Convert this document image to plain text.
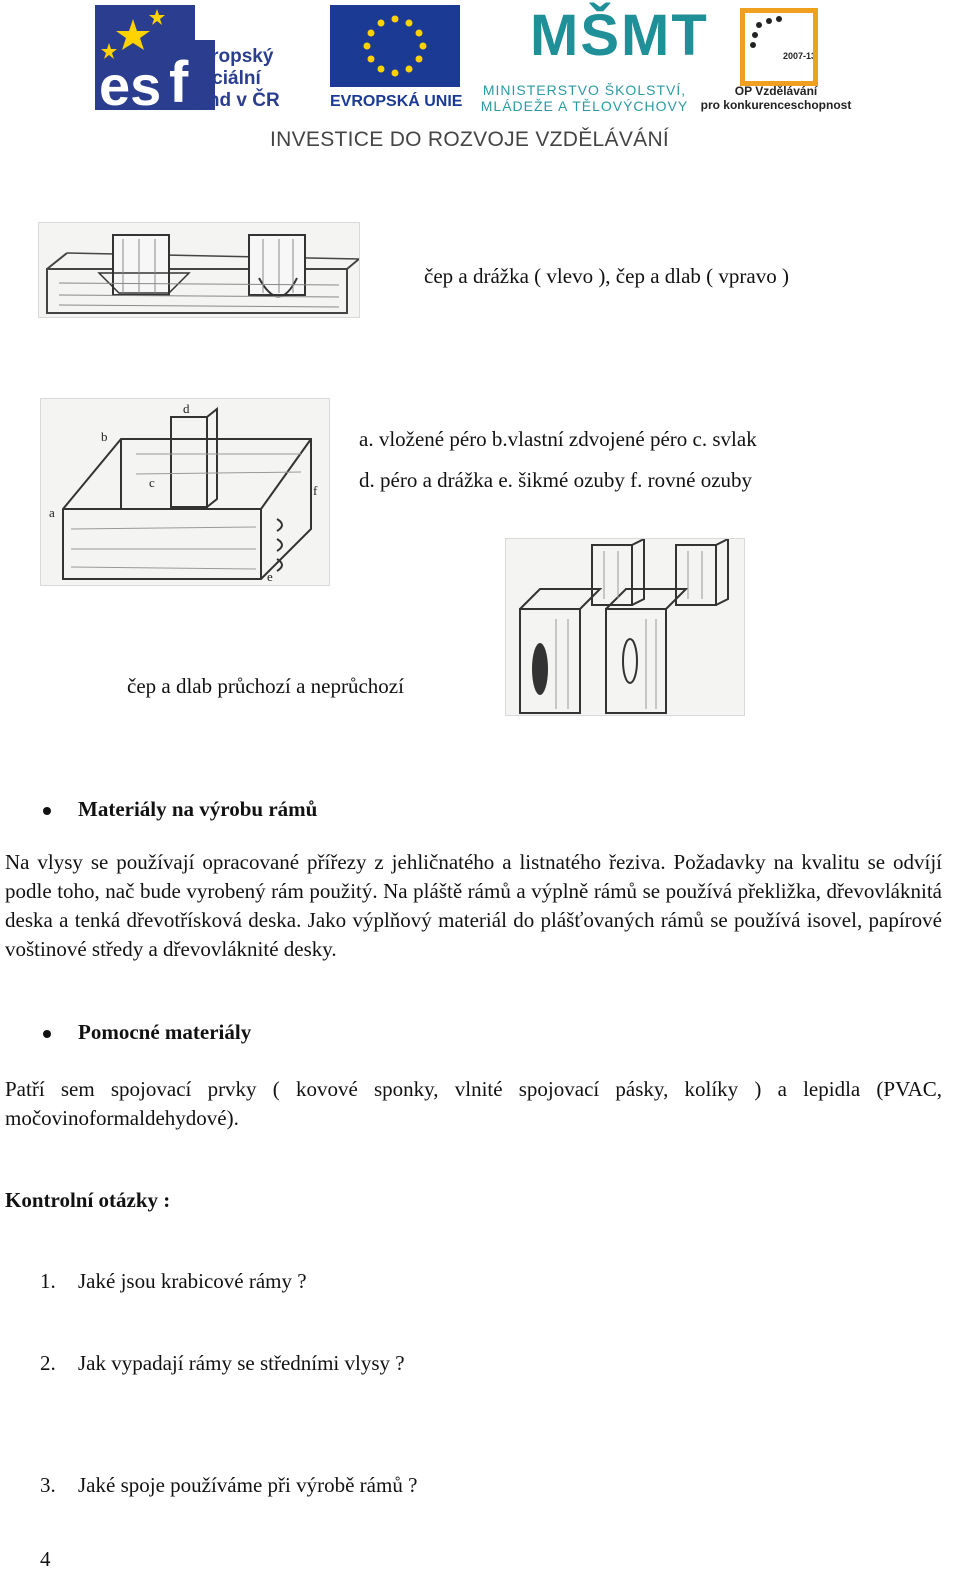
es f evropský
sociální
fond v ČR	EVROPSKÁ UNIE
MŠMT
MINISTERSTVO ŠKOLSTVÍ,
MLÁDEŽE A TĚLOVÝCHOVY
2007-13
OP Vzdělávání
pro konkurenceschopnost
INVESTICE DO ROZVOJE VZDĚLÁVÁNÍ
čep a drážka ( vlevo ), čep a dlab ( vpravo )
a
b
c
d
e
f
a. vložené péro b.vlastní zdvojené péro c. svlak
d. péro a drážka e. šikmé ozuby f. rovné ozuby
čep a dlab průchozí a neprůchozí
Materiály na výrobu rámů
Na vlysy se používají opracované přířezy z jehličnatého a listnatého řeziva. Požadavky na kvalitu se odvíjí podle toho, nač bude vyrobený rám použitý. Na pláště rámů a výplně rámů se používá překližka, dřevovláknitá deska a tenká dřevotřísková deska. Jako výplňový materiál do plášťovaných rámů se používá isovel, papírové voštinové středy a dřevovláknité desky.
Pomocné materiály
Patří sem spojovací prvky ( kovové sponky, vlnité spojovací pásky, kolíky ) a lepidla (PVAC, močovinoformaldehydové).
Kontrolní otázky :
1.	Jaké jsou krabicové rámy ?
2.	Jak vypadají rámy se středními vlysy ?
3.	Jaké spoje používáme při výrobě rámů ?
4
